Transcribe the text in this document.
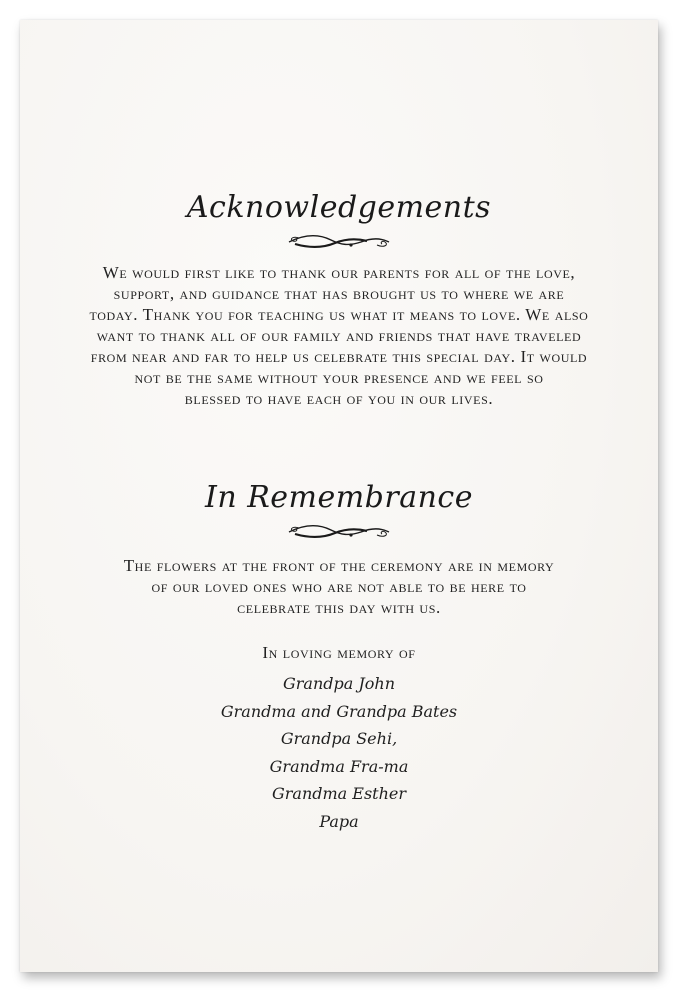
Acknowledgements
We would first like to thank our parents for all of the love,
support, and guidance that has brought us to where we are
today. Thank you for teaching us what it means to love. We also
want to thank all of our family and friends that have traveled
from near and far to help us celebrate this special day. It would
not be the same without your presence and we feel so
blessed to have each of you in our lives.
In Remembrance
The flowers at the front of the ceremony are in memory
of our loved ones who are not able to be here to
celebrate this day with us.
In loving memory of
Grandpa John
Grandma and Grandpa Bates
Grandpa Sehi,
Grandma Fra-ma
Grandma Esther
Papa
